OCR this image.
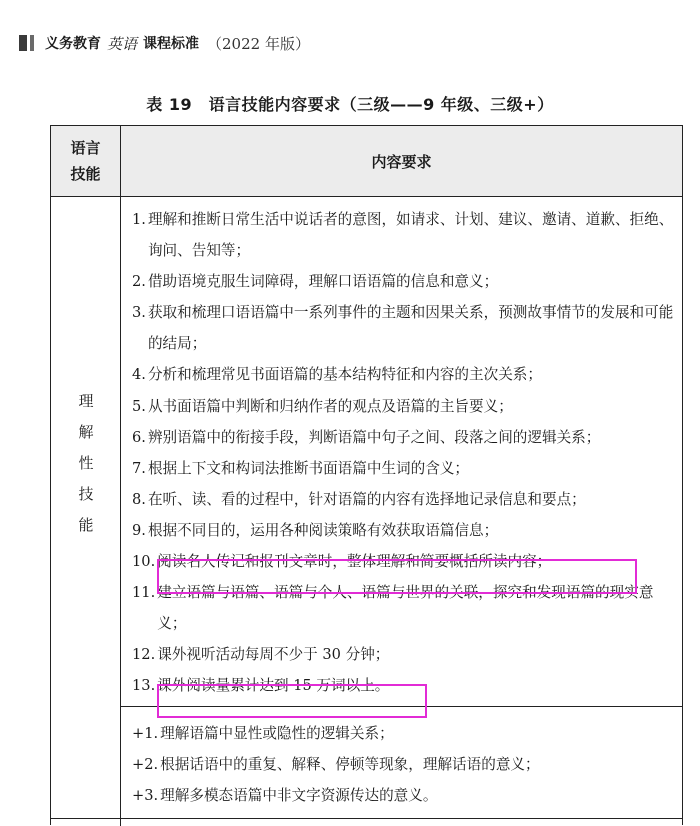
义务教育 英语 课程标准 （2022 年版）
表 19　语言技能内容要求（三级——9 年级、三级+）
语言
技能
内容要求
理
解
性
技
能
1. 理解和推断日常生活中说话者的意图，如请求、计划、建议、邀请、道歉、拒绝、询问、告知等；
2. 借助语境克服生词障碍，理解口语语篇的信息和意义；
3. 获取和梳理口语语篇中一系列事件的主题和因果关系，预测故事情节的发展和可能的结局；
4. 分析和梳理常见书面语篇的基本结构特征和内容的主次关系；
5. 从书面语篇中判断和归纳作者的观点及语篇的主旨要义；
6. 辨别语篇中的衔接手段，判断语篇中句子之间、段落之间的逻辑关系；
7. 根据上下文和构词法推断书面语篇中生词的含义；
8. 在听、读、看的过程中，针对语篇的内容有选择地记录信息和要点；
9. 根据不同目的，运用各种阅读策略有效获取语篇信息；
10. 阅读名人传记和报刊文章时，整体理解和简要概括所读内容；
11. 建立语篇与语篇、语篇与个人、语篇与世界的关联，探究和发现语篇的现实意义；
12. 课外视听活动每周不少于 30 分钟；
13. 课外阅读量累计达到 15 万词以上。
+1. 理解语篇中显性或隐性的逻辑关系；
+2. 根据话语中的重复、解释、停顿等现象，理解话语的意义；
+3. 理解多模态语篇中非文字资源传达的意义。
